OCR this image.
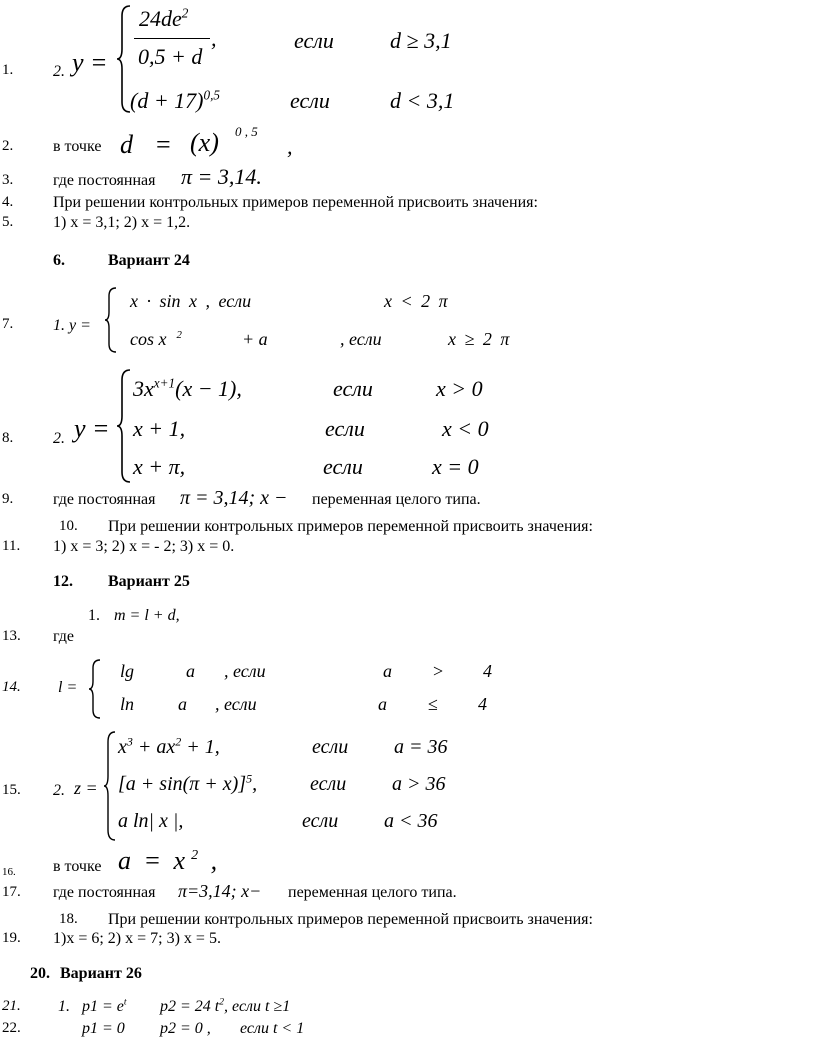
1. 2. y =
$24de^2$
0,5 + d
,	если	d ≥ 3,1
$(d + 17)^{0,5}$	если	d < 3,1
2. в точке d = (x) 0 , 5
,
3. где постоянная π = 3,14.
4. При решении контрольных примеров переменной присвоить значения:
5. 1) x = 3,1; 2) x = 1,2.
6.	Вариант 24
7. 1. y =
x · sin x , если	x < 2 π
cos x $^2$	+ a	, если	x ≥ 2 π
8. 2. y =
$3x^{x+1}(x - 1)$,	если	x > 0
x + 1,	если	x < 0
x + π,	если	x = 0
9. где постоянная π = 3,14; x − переменная целого типа.
10. При решении контрольных примеров переменной присвоить значения:
11. 1) x = 3; 2) x = - 2; 3) x = 0.
12. Вариант 25
1. m = l + d,
13. где
14. l =
lg	a , если	a > 4
ln a , если	a ≤ 4
15. 2. z =
$x^3 + ax^2 + 1$,	если a = 36
$[a + \sin(\pi + x)]^5$,	если a > 36
a ln| x |,	если a < 36
16. в точке a = x $^2$ ,
17. где постоянная π=3,14; x− переменная целого типа.
18. При решении контрольных примеров переменной присвоить значения:
19. 1)x = 6; 2) x = 7; 3) x = 5.
20. Вариант 26
21. 1. $p1 = e^t$ p2 = 24 $t^2$, если t ≥1
22.	p1 = 0 p2 = 0 , если t < 1
